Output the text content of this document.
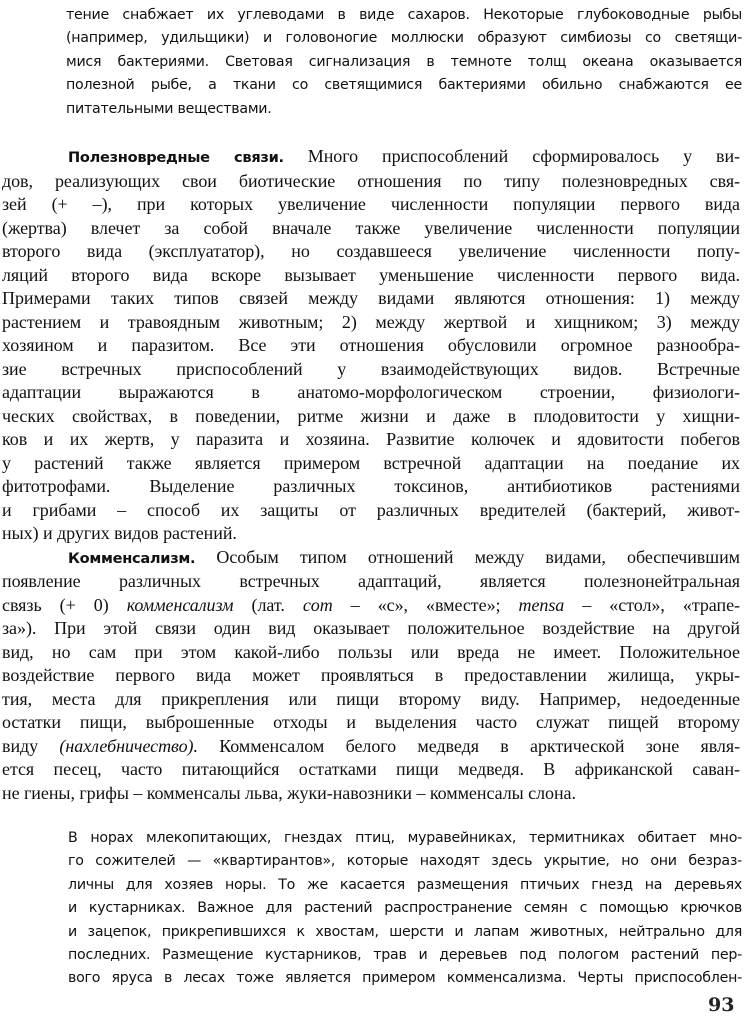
тение снабжает их углеводами в виде сахаров. Некоторые глубоководные рыбы
(например, удильщики) и головоногие моллюски образуют симбиозы со светящи-
мися бактериями. Световая сигнализация в темноте толщ океана оказывается
полезной рыбе, а ткани со светящимися бактериями обильно снабжаются ее
питательными веществами.
Полезновредные связи. Много приспособлений сформировалось у ви-
дов, реализующих свои биотические отношения по типу полезновредных свя-
зей (+ –), при которых увеличение численности популяции первого вида
(жертва) влечет за собой вначале также увеличение численности популяции
второго вида (эксплуататор), но создавшееся увеличение численности попу-
ляций второго вида вскоре вызывает уменьшение численности первого вида.
Примерами таких типов связей между видами являются отношения: 1) между
растением и травоядным животным; 2) между жертвой и хищником; 3) между
хозяином и паразитом. Все эти отношения обусловили огромное разнообра-
зие встречных приспособлений у взаимодействующих видов. Встречные
адаптации выражаются в анатомо-морфологическом строении, физиологи-
ческих свойствах, в поведении, ритме жизни и даже в плодовитости у хищни-
ков и их жертв, у паразита и хозяина. Развитие колючек и ядовитости побегов
у растений также является примером встречной адаптации на поедание их
фитотрофами. Выделение различных токсинов, антибиотиков растениями
и грибами – способ их защиты от различных вредителей (бактерий, живот-
ных) и других видов растений.
Комменсализм. Особым типом отношений между видами, обеспечившим
появление различных встречных адаптаций, является полезнонейтральная
связь (+ 0) комменсализм (лат. com – «с», «вместе»; mensa – «стол», «трапе-
за»). При этой связи один вид оказывает положительное воздействие на другой
вид, но сам при этом какой-либо пользы или вреда не имеет. Положительное
воздействие первого вида может проявляться в предоставлении жилища, укры-
тия, места для прикрепления или пищи второму виду. Например, недоеденные
остатки пищи, выброшенные отходы и выделения часто служат пищей второму
виду (нахлебничество). Комменсалом белого медведя в арктической зоне явля-
ется песец, часто питающийся остатками пищи медведя. В африканской саван-
не гиены, грифы – комменсалы льва, жуки-навозники – комменсалы слона.
В норах млекопитающих, гнездах птиц, муравейниках, термитниках обитает мно-
го сожителей — «квартирантов», которые находят здесь укрытие, но они безраз-
личны для хозяев норы. То же касается размещения птичьих гнезд на деревьях
и кустарниках. Важное для растений распространение семян с помощью крючков
и зацепок, прикрепившихся к хвостам, шерсти и лапам животных, нейтрально для
последних. Размещение кустарников, трав и деревьев под пологом растений пер-
вого яруса в лесах тоже является примером комменсализма. Черты приспособлен-
93
